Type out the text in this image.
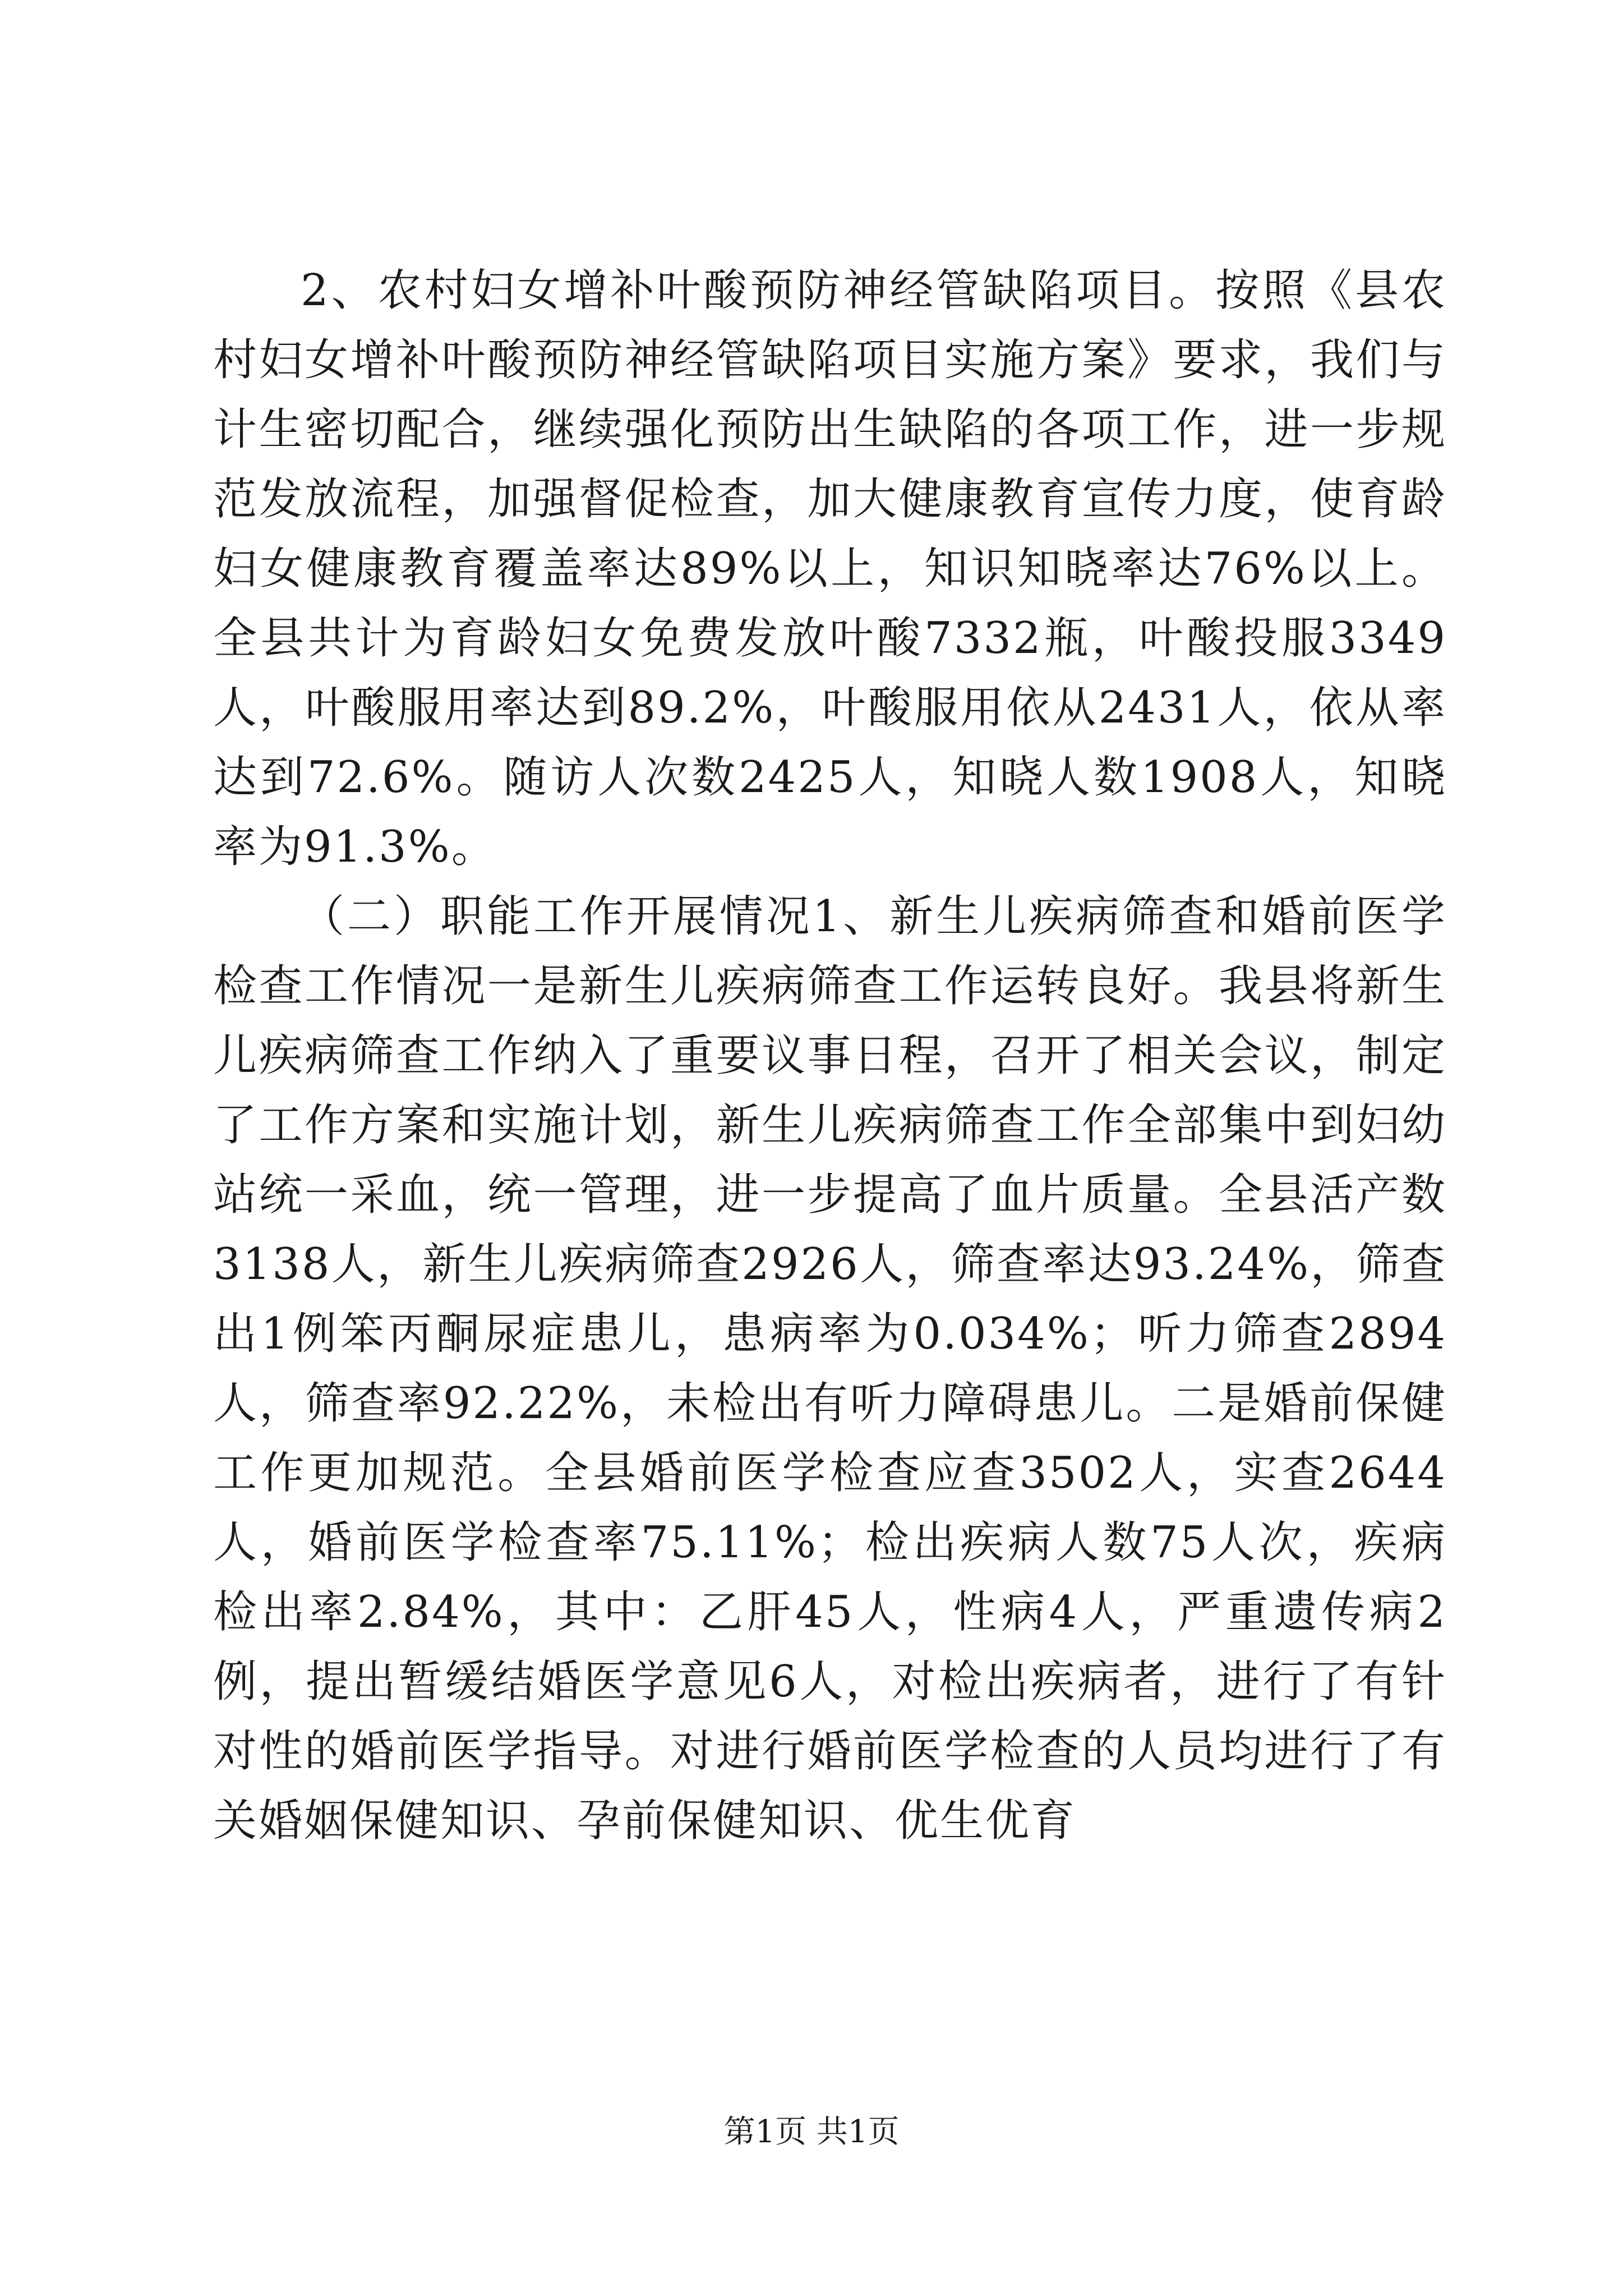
2、农村妇女增补叶酸预防神经管缺陷项目。按照《县农村妇女增补叶酸预防神经管缺陷项目实施方案》要求，我们与计生密切配合，继续强化预防出生缺陷的各项工作，进一步规范发放流程，加强督促检查，加大健康教育宣传力度，使育龄妇女健康教育覆盖率达89%以上，知识知晓率达76%以上。全县共计为育龄妇女免费发放叶酸7332瓶，叶酸投服3349人，叶酸服用率达到89.2%，叶酸服用依从2431人，依从率达到72.6%。随访人次数2425人，知晓人数1908人，知晓率为91.3%。

（二）职能工作开展情况1、新生儿疾病筛查和婚前医学检查工作情况一是新生儿疾病筛查工作运转良好。我县将新生儿疾病筛查工作纳入了重要议事日程，召开了相关会议，制定了工作方案和实施计划，新生儿疾病筛查工作全部集中到妇幼站统一采血，统一管理，进一步提高了血片质量。全县活产数3138人，新生儿疾病筛查2926人，筛查率达93.24%，筛查出1例笨丙酮尿症患儿，患病率为0.034%；听力筛查2894人，筛查率92.22%，未检出有听力障碍患儿。二是婚前保健工作更加规范。全县婚前医学检查应查3502人，实查2644人，婚前医学检查率75.11%；检出疾病人数75人次，疾病检出率2.84%，其中：乙肝45人，性病4人，严重遗传病2例，提出暂缓结婚医学意见6人，对检出疾病者，进行了有针对性的婚前医学指导。对进行婚前医学检查的人员均进行了有关婚姻保健知识、孕前保健知识、优生优育

第1页 共1页
